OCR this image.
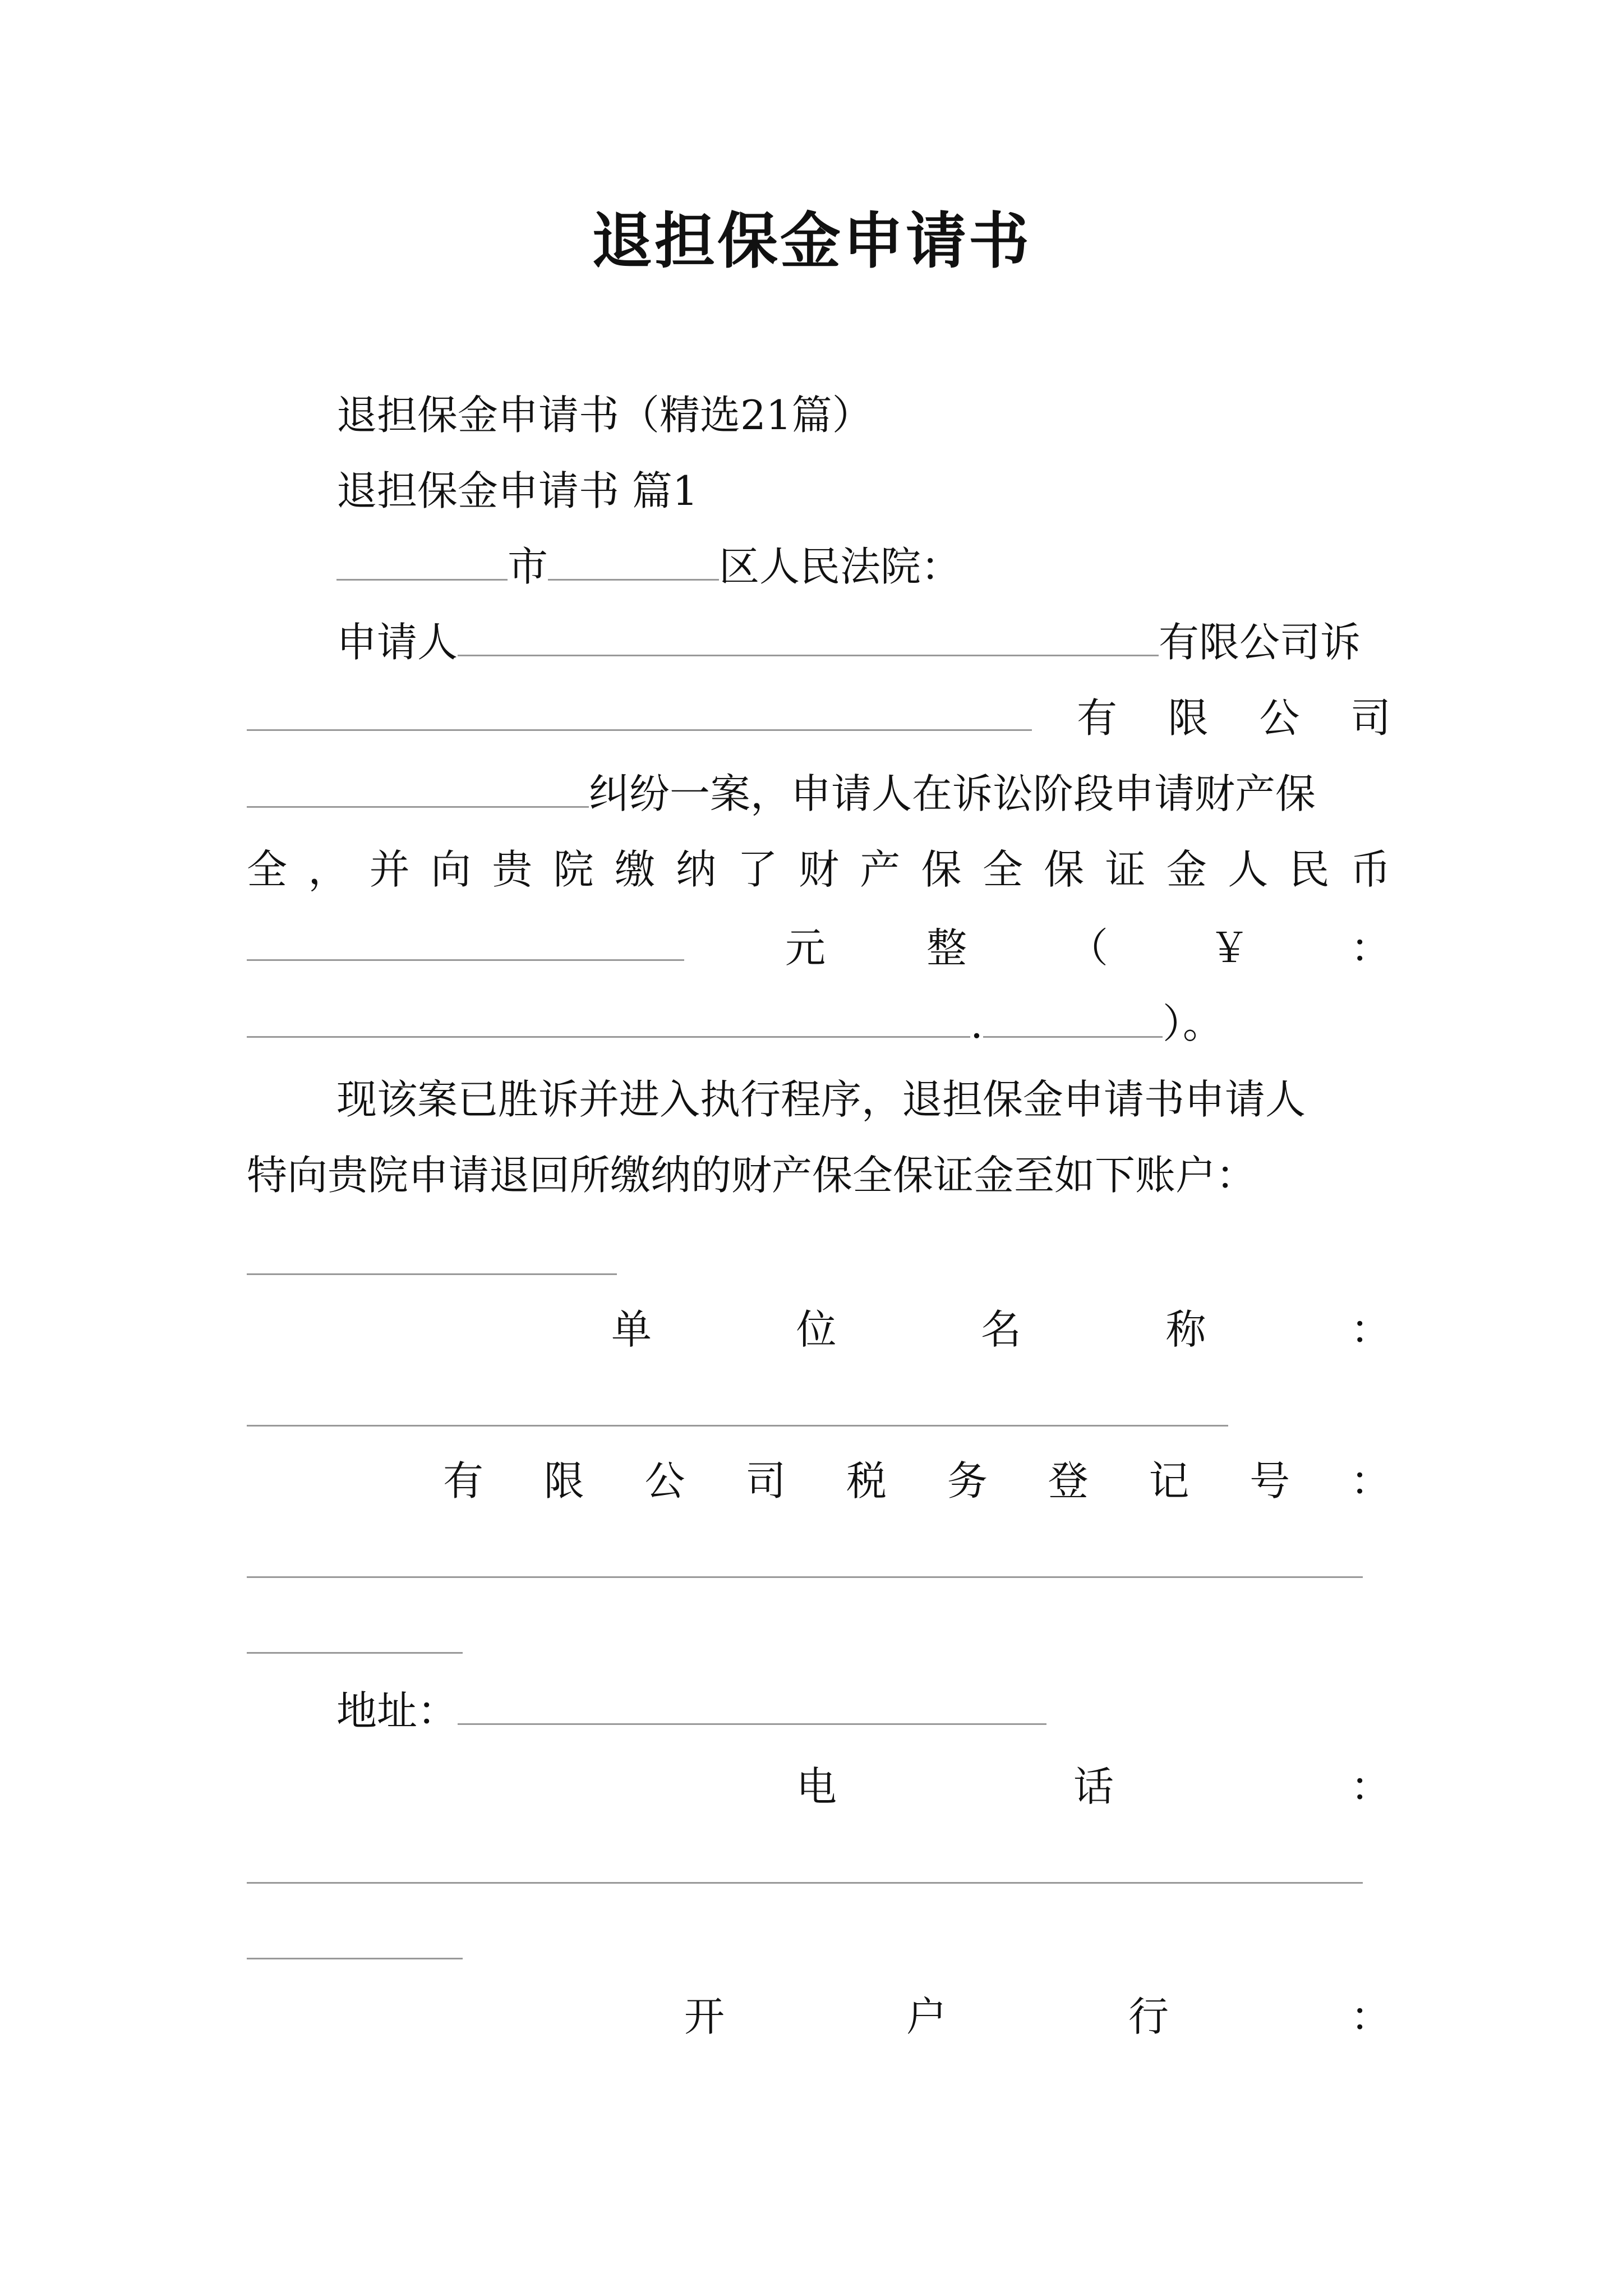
退担保金申请书
退担保金申请书（精选21篇）
退担保金申请书 篇1
市	区人民法院：
申请人	有限公司诉
有 限 公 司
纠纷一案，申请人在诉讼阶段申请财产保
全 ， 并 向 贵 院 缴 纳 了 财 产 保 全 保 证 金 人 民 币
元 整 （ ￥ ：
.	）。
现该案已胜诉并进入执行程序，退担保金申请书申请人
特向贵院申请退回所缴纳的财产保全保证金至如下账户：
单	位	名	称	：
有 限 公 司 税 务 登 记 号 ：
地址：
电	话	：
开	户	行	：
